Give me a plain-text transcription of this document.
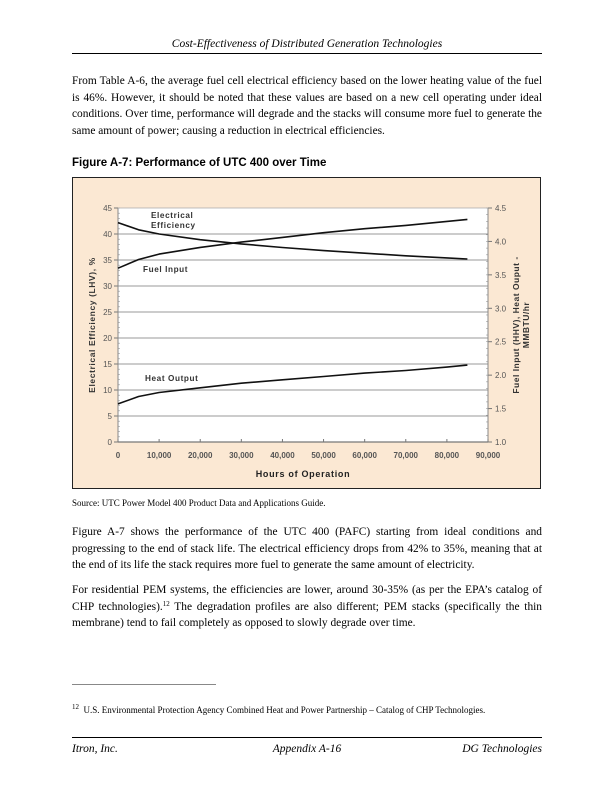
Cost-Effectiveness of Distributed Generation Technologies
From Table A-6, the average fuel cell electrical efficiency based on the lower heating value of the fuel is 46%. However, it should be noted that these values are based on a new cell operating under ideal conditions. Over time, performance will degrade and the stacks will consume more fuel to generate the same amount of power; causing a reduction in electrical efficiencies.
Figure A-7: Performance of UTC 400 over Time
0
5
10
15
20
25
30
35
40
45
1.0
1.5
2.0
2.5
3.0
3.5
4.0
4.5
0	10,000 20,000 30,000 40,000 50,000 60,000 70,000 80,000 90,000
Electrical
Efficiency
Fuel Input
Heat Output
Electrical Efficiency (LHV), %	Fuel Input (HHV), Heat Ouput - MMBTU/hr
Hours of Operation
Source: UTC Power Model 400 Product Data and Applications Guide.
Figure A-7 shows the performance of the UTC 400 (PAFC) starting from ideal conditions and progressing to the end of stack life. The electrical efficiency drops from 42% to 35%, meaning that at the end of its life the stack requires more fuel to generate the same amount of electricity.
For residential PEM systems, the efficiencies are lower, around 30-35% (as per the EPA’s catalog of CHP technologies).$^{12}$ The degradation profiles are also different; PEM stacks (specifically the thin membrane) tend to fail completely as opposed to slowly degrade over time.
$^{12}$ U.S. Environmental Protection Agency Combined Heat and Power Partnership – Catalog of CHP Technologies.
Itron, Inc.	Appendix A-16	DG Technologies
